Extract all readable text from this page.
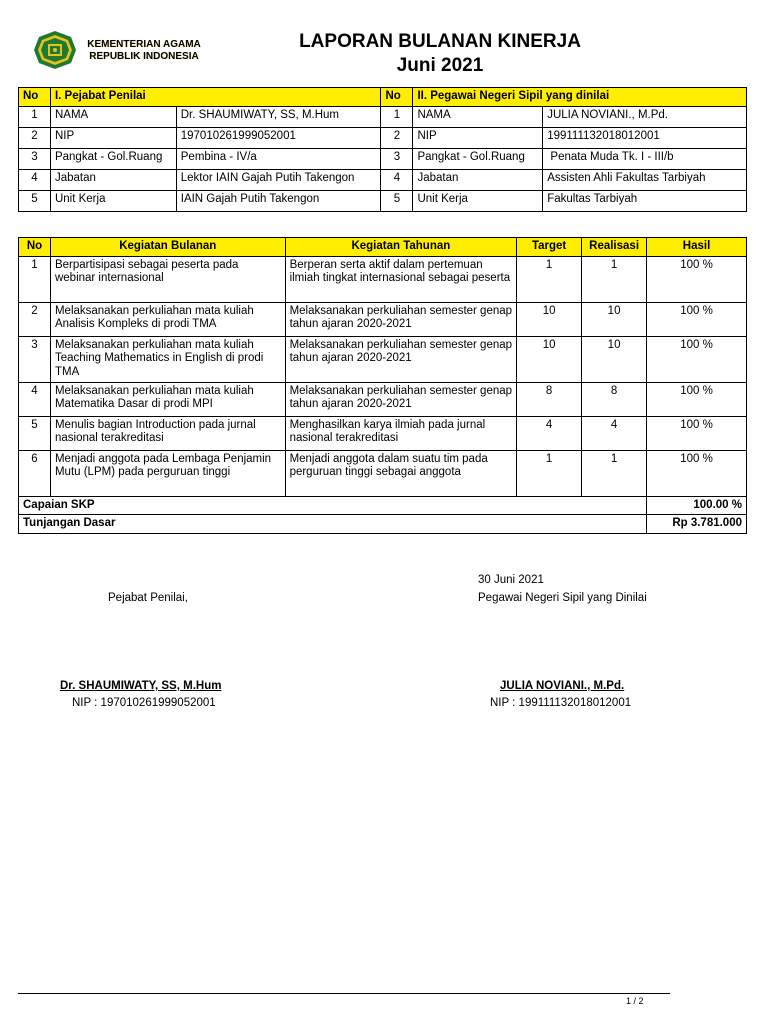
KEMENTERIAN AGAMA
REPUBLIK INDONESIA
LAPORAN BULANAN KINERJA
Juni 2021
No	I. Pejabat Penilai		No	II. Pegawai Negeri Sipil yang dinilai	
1	NAMA	Dr. SHAUMIWATY, SS, M.Hum	1	NAMA	JULIA NOVIANI., M.Pd.
2	NIP	197010261999052001	2	NIP	199111132018012001
3	Pangkat - Gol.Ruang	Pembina - IV/a	3	Pangkat - Gol.Ruang	Penata Muda Tk. I - III/b
4	Jabatan	Lektor IAIN Gajah Putih Takengon	4	Jabatan	Assisten Ahli Fakultas Tarbiyah
5	Unit Kerja	IAIN Gajah Putih Takengon	5	Unit Kerja	Fakultas Tarbiyah
No	Kegiatan Bulanan	Kegiatan Tahunan	Target	Realisasi	Hasil
1	Berpartisipasi sebagai peserta pada webinar internasional	Berperan serta aktif dalam pertemuan ilmiah tingkat internasional sebagai peserta	1	1	100 %
2	Melaksanakan perkuliahan mata kuliah Analisis Kompleks di prodi TMA	Melaksanakan perkuliahan semester genap tahun ajaran 2020-2021	10	10	100 %
3	Melaksanakan perkuliahan mata kuliah Teaching Mathematics in English di prodi TMA	Melaksanakan perkuliahan semester genap tahun ajaran 2020-2021	10	10	100 %
4	Melaksanakan perkuliahan mata kuliah Matematika Dasar di prodi MPI	Melaksanakan perkuliahan semester genap tahun ajaran 2020-2021	8	8	100 %
5	Menulis bagian Introduction pada jurnal nasional terakreditasi	Menghasilkan karya ilmiah pada jurnal nasional terakreditasi	4	4	100 %
6	Menjadi anggota pada Lembaga Penjamin Mutu (LPM) pada perguruan tinggi	Menjadi anggota dalam suatu tim pada perguruan tinggi sebagai anggota	1	1	100 %
Capaian SKP					100.00 %
Tunjangan Dasar					Rp 3.781.000
30 Juni 2021
Pejabat Penilai,	Pegawai Negeri Sipil yang Dinilai
Dr. SHAUMIWATY, SS, M.Hum
NIP : 197010261999052001
JULIA NOVIANI., M.Pd.
NIP : 199111132018012001
1 / 2
